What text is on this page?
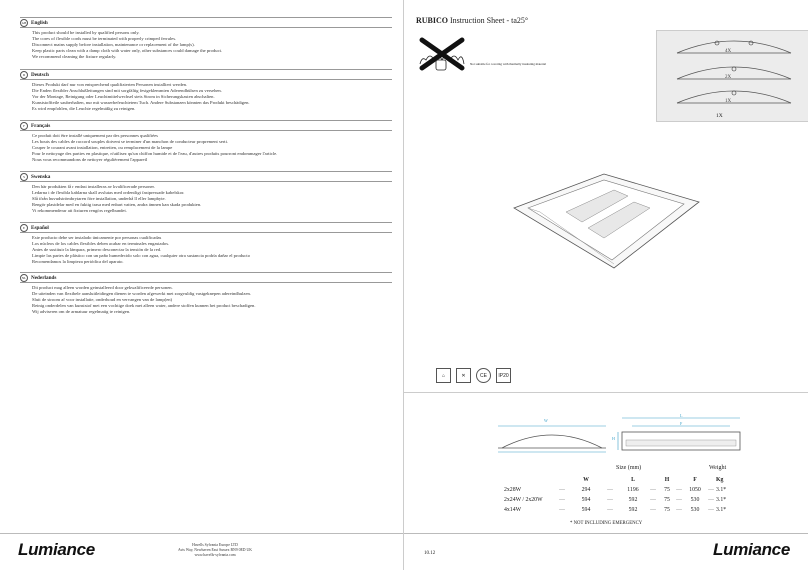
GB English
This product should be installed by qualified persons only.
The cores of flexible cords must be terminated with properly crimped ferrules.
Disconnect mains supply before installation, maintenance or replacement of the lamp(s).
Keep plastic parts clean with a damp cloth with water only, other substances could damage the product.
We recommend cleaning the fixture regularly.
D	Deutsch
Dieses Produkt darf nur von entsprechend qualifizierten Personen installiert werden.
Die Enden flexibler Anschlußleitungen sind mit sorgfältig festgeklemmten Aderendhülsen zu versehen.
Vor der Montage, Reinigung oder Leuchtmittelwechsel stets Strom in Sicherungskasten abschalten.
Kunststoffteile sauberhalten, nur mit wasserbefeuchtetem Tuch. Andere Substanzen könnten das Produkt beschädigen.
Es wird empfohlen, die Leuchte regelmäßig zu reinigen.
F	Français
Ce produit doit être installé uniquement par des personnes qualifiées
Les bouts des cables de raccord souples doivent se terminer d'un manchon de conducteur proprement serti.
Couper le courant avant installation, entretien, ou remplacement de la lampe
Pour le nettoyage des parties en plastique, n'utilisez qu'un chiffon humide et de l'eau, d'autres produits pourront endommager l'article.
Nous vous recommandons de nettoyer régulièrement l'appareil
S	Swenska
Den här produkten få r endast installeras av kvalificerade personer.
Ledarna i de flexibla kablarna skall avslutas med ordentligt fastpressade kabelskor.
Slå ifrån huvudströmbrytaren före installation, underhå ll eller lampbyte.
Rengör plastdelar med en fuktig trasa med enbart vatten, andra ämnen kan skada produkten.
Vi rekommenderar att fixturen rengörs regelbundet.
E	Español
Este producto debe ser instalado únicamente por personas cualificadas
Los núcleos de los cables flexibles deben acabar en terminales engastados.
Antes de sustituir la lámpara, primero desconectar la tensión de la red.
Limpie las partes de plástico con un paño humedecido solo con agua, cualquier otra sustancia podría dañar el producto
Recomendamos la limpieza periódica del aparato.
NL Nederlands
Dit product mag alleen worden geinstalleerd door gekwalificeerde personen.
De uiteinden van flexibele aansluitleidingen dienen te worden afgewerkt met zorgvuldig vastgeknepen adereindhulzen.
Sluit de stroom af voor installatie, onderhoud en vervangen van de lamp(en)
Reinig onderdelen van kunststof met een vochtige doek met alleen water, andere stoffen kunnen het product beschadigen.
Wij adviseren om de armatuur regelmatig te reinigen.
Lumiance	Havells Sylvania Europe LTD
Avis Way, Newhaven East Sussex BN9 0ED UK
www.havells-sylvania.com
RUBICO Instruction Sheet - ta25°
Not suitable for covering with thermally insulating material
4X
2X
1X
1X
⌂	✕	CE	IP20
W
L
F
H
Size (mm)	Weight
W	L	H	F	Kg
2x28W	—	294	—	1196	—	75	—	1050	— 3.1*
2x24W / 2x20W	—	594	—	592	—	75	—	530	— 3.1*
4x14W	—	594	—	592	—	75	—	530	— 3.1*
* NOT INCLUDING EMERGENCY
10.12	Lumiance
